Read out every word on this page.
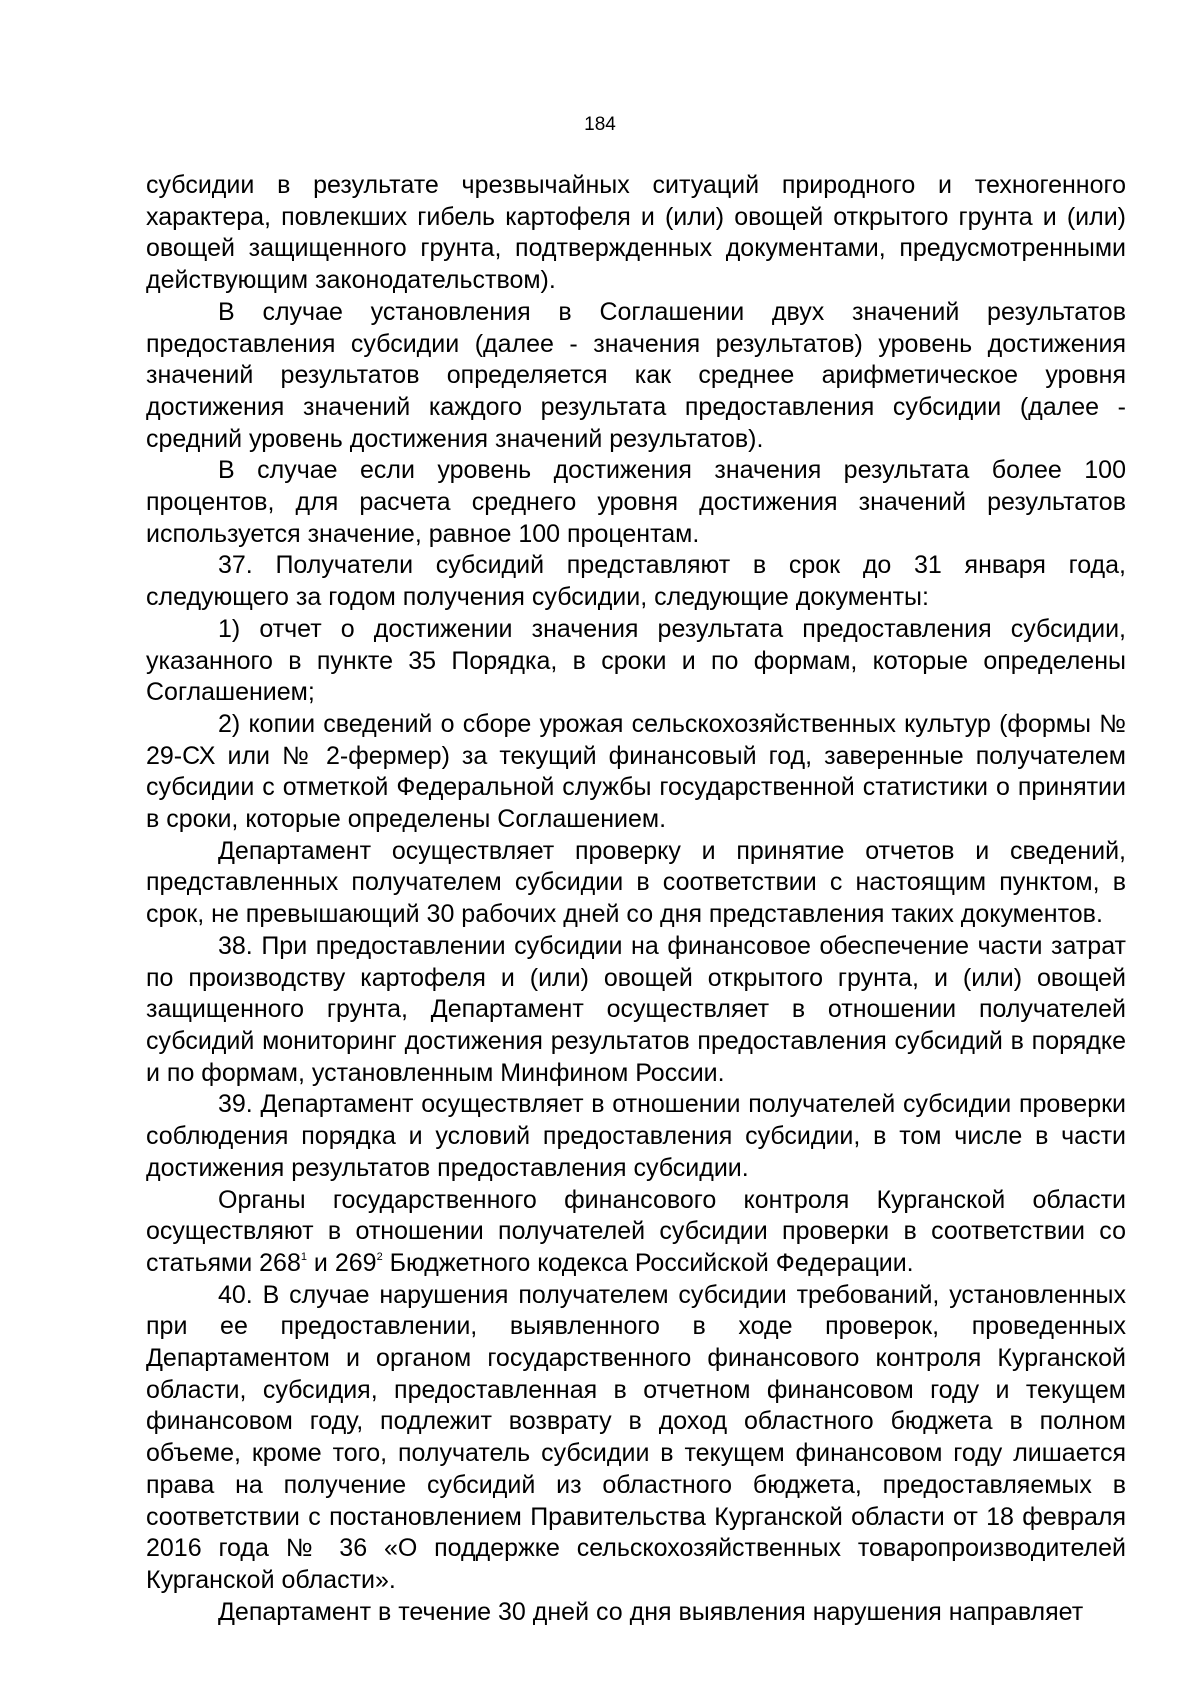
184

субсидии в результате чрезвычайных ситуаций природного и техногенного характера, повлекших гибель картофеля и (или) овощей открытого грунта и (или) овощей защищенного грунта, подтвержденных документами, предусмотренными действующим законодательством).

В случае установления в Соглашении двух значений результатов предоставления субсидии (далее - значения результатов) уровень достижения значений результатов определяется как среднее арифметическое уровня достижения значений каждого результата предоставления субсидии (далее - средний уровень достижения значений результатов).

В случае если уровень достижения значения результата более 100 процентов, для расчета среднего уровня достижения значений результатов используется значение, равное 100 процентам.

37. Получатели субсидий представляют в срок до 31 января года, следующего за годом получения субсидии, следующие документы:

1) отчет о достижении значения результата предоставления субсидии, указанного в пункте 35 Порядка, в сроки и по формам, которые определены Соглашением;

2) копии сведений о сборе урожая сельскохозяйственных культур (формы № 29-СХ или № 2-фермер) за текущий финансовый год, заверенные получателем субсидии с отметкой Федеральной службы государственной статистики о принятии в сроки, которые определены Соглашением.

Департамент осуществляет проверку и принятие отчетов и сведений, представленных получателем субсидии в соответствии с настоящим пунктом, в срок, не превышающий 30 рабочих дней со дня представления таких документов.

38. При предоставлении субсидии на финансовое обеспечение части затрат по производству картофеля и (или) овощей открытого грунта, и (или) овощей защищенного грунта, Департамент осуществляет в отношении получателей субсидий мониторинг достижения результатов предоставления субсидий в порядке и по формам, установленным Минфином России.

39. Департамент осуществляет в отношении получателей субсидии проверки соблюдения порядка и условий предоставления субсидии, в том числе в части достижения результатов предоставления субсидии.

Органы государственного финансового контроля Курганской области осуществляют в отношении получателей субсидии проверки в соответствии со статьями $268^1$ и $269^2$ Бюджетного кодекса Российской Федерации.

40. В случае нарушения получателем субсидии требований, установленных при ее предоставлении, выявленного в ходе проверок, проведенных Департаментом и органом государственного финансового контроля Курганской области, субсидия, предоставленная в отчетном финансовом году и текущем финансовом году, подлежит возврату в доход областного бюджета в полном объеме, кроме того, получатель субсидии в текущем финансовом году лишается права на получение субсидий из областного бюджета, предоставляемых в соответствии с постановлением Правительства Курганской области от 18 февраля 2016 года № 36 «О поддержке сельскохозяйственных товаропроизводителей Курганской области».

Департамент в течение 30 дней со дня выявления нарушения направляет
